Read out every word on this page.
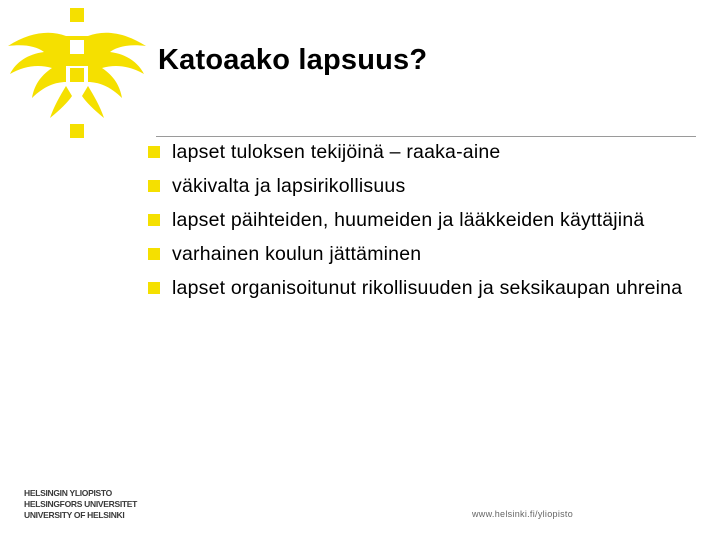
Katoaako lapsuus?
lapset tuloksen tekijöinä – raaka-aine
väkivalta ja lapsirikollisuus
lapset päihteiden, huumeiden ja lääkkeiden käyttäjinä
varhainen koulun jättäminen
lapset organisoitunut rikollisuuden ja seksikaupan uhreina
HELSINGIN YLIOPISTO
HELSINGFORS UNIVERSITET
UNIVERSITY OF HELSINKI	www.helsinki.fi/yliopisto
